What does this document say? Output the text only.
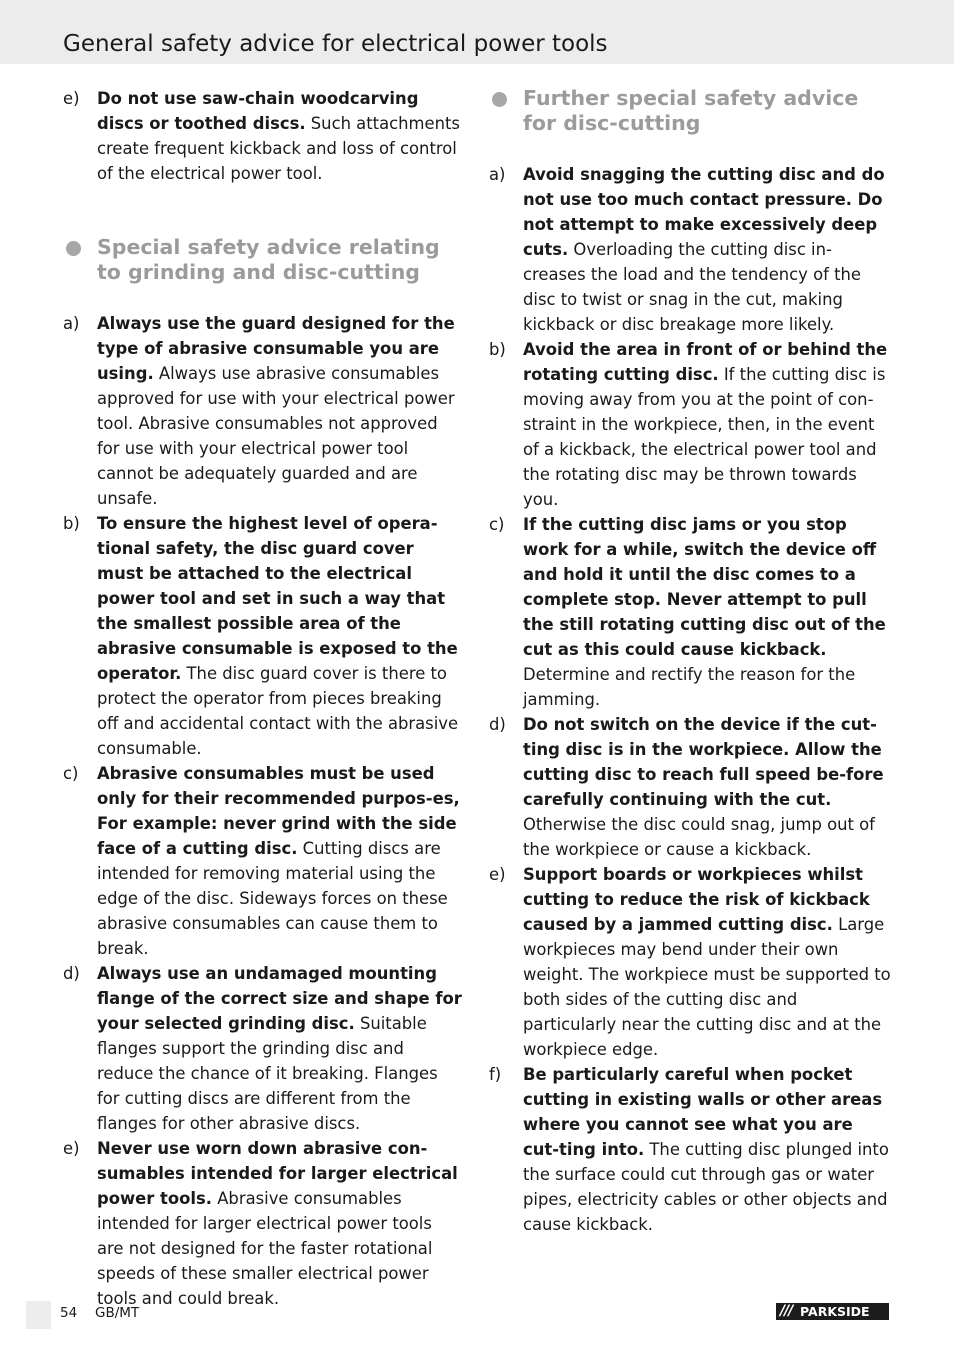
General safety advice for electrical power tools
e) Do not use saw-chain woodcarving discs or toothed discs. Such attachments create frequent kickback and loss of control of the electrical power tool.
Special safety advice relating to grinding and disc-cutting
a) Always use the guard designed for the type of abrasive consumable you are using. Always use abrasive consumables approved for use with your electrical power tool. Abrasive consumables not approved for use with your electrical power tool cannot be adequately guarded and are unsafe.
b) To ensure the highest level of opera-tional safety, the disc guard cover must be attached to the electrical power tool and set in such a way that the smallest possible area of the abrasive consumable is exposed to the operator. The disc guard cover is there to protect the operator from pieces breaking off and accidental contact with the abrasive consumable.
c) Abrasive consumables must be used only for their recommended purpos-es, For example: never grind with the side face of a cutting disc. Cutting discs are intended for removing material using the edge of the disc. Sideways forces on these abrasive consumables can cause them to break.
d) Always use an undamaged mounting flange of the correct size and shape for your selected grinding disc. Suitable flanges support the grinding disc and reduce the chance of it breaking. Flanges for cutting discs are different from the flanges for other abrasive discs.
e) Never use worn down abrasive con-sumables intended for larger electrical power tools. Abrasive consumables intended for larger electrical power tools are not designed for the faster rotational speeds of these smaller electrical power tools and could break.
Further special safety advice for disc-cutting
a) Avoid snagging the cutting disc and do not use too much contact pressure. Do not attempt to make excessively deep cuts. Overloading the cutting disc in-creases the load and the tendency of the disc to twist or snag in the cut, making kickback or disc breakage more likely.
b) Avoid the area in front of or behind the rotating cutting disc. If the cutting disc is moving away from you at the point of con-straint in the workpiece, then, in the event of a kickback, the electrical power tool and the rotating disc may be thrown towards you.
c) If the cutting disc jams or you stop work for a while, switch the device off and hold it until the disc comes to a complete stop. Never attempt to pull the still rotating cutting disc out of the cut as this could cause kickback. Determine and rectify the reason for the jamming.
d) Do not switch on the device if the cut-ting disc is in the workpiece. Allow the cutting disc to reach full speed be-fore carefully continuing with the cut. Otherwise the disc could snag, jump out of the workpiece or cause a kickback.
e) Support boards or workpieces whilst cutting to reduce the risk of kickback caused by a jammed cutting disc. Large workpieces may bend under their own weight. The workpiece must be supported to both sides of the cutting disc and particularly near the cutting disc and at the workpiece edge.
f) Be particularly careful when pocket cutting in existing walls or other areas where you cannot see what you are cut-ting into. The cutting disc plunged into the surface could cut through gas or water pipes, electricity cables or other objects and cause kickback.
54 GB/MT	/// PARKSIDE
